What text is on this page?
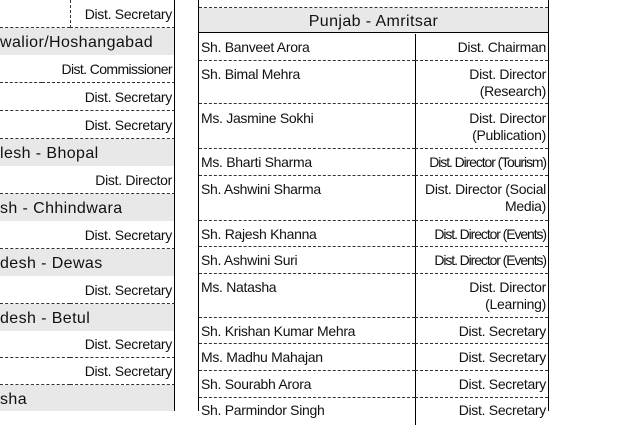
Dist. Secretary
walior/Hoshangabad
Dist. Commissioner
Dist. Secretary
Dist. Secretary
lesh - Bhopal
Dist. Director
sh - Chhindwara
Dist. Secretary
desh - Dewas
Dist. Secretary
desh - Betul
Dist. Secretary
Dist. Secretary
sha
Punjab - Amritsar
Sh. Banveet Arora	Dist. Chairman
Sh. Bimal Mehra	Dist. Director
(Research)
Ms. Jasmine Sokhi	Dist. Director
(Publication)
Ms. Bharti Sharma	Dist. Director (Tourism)
Sh. Ashwini Sharma	Dist. Director (Social
Media)
Sh. Rajesh Khanna	Dist. Director (Events)
Sh. Ashwini Suri	Dist. Director (Events)
Ms. Natasha	Dist. Director
(Learning)
Sh. Krishan Kumar Mehra	Dist. Secretary
Ms. Madhu Mahajan	Dist. Secretary
Sh. Sourabh Arora	Dist. Secretary
Sh. Parmindor Singh	Dist. Secretary
